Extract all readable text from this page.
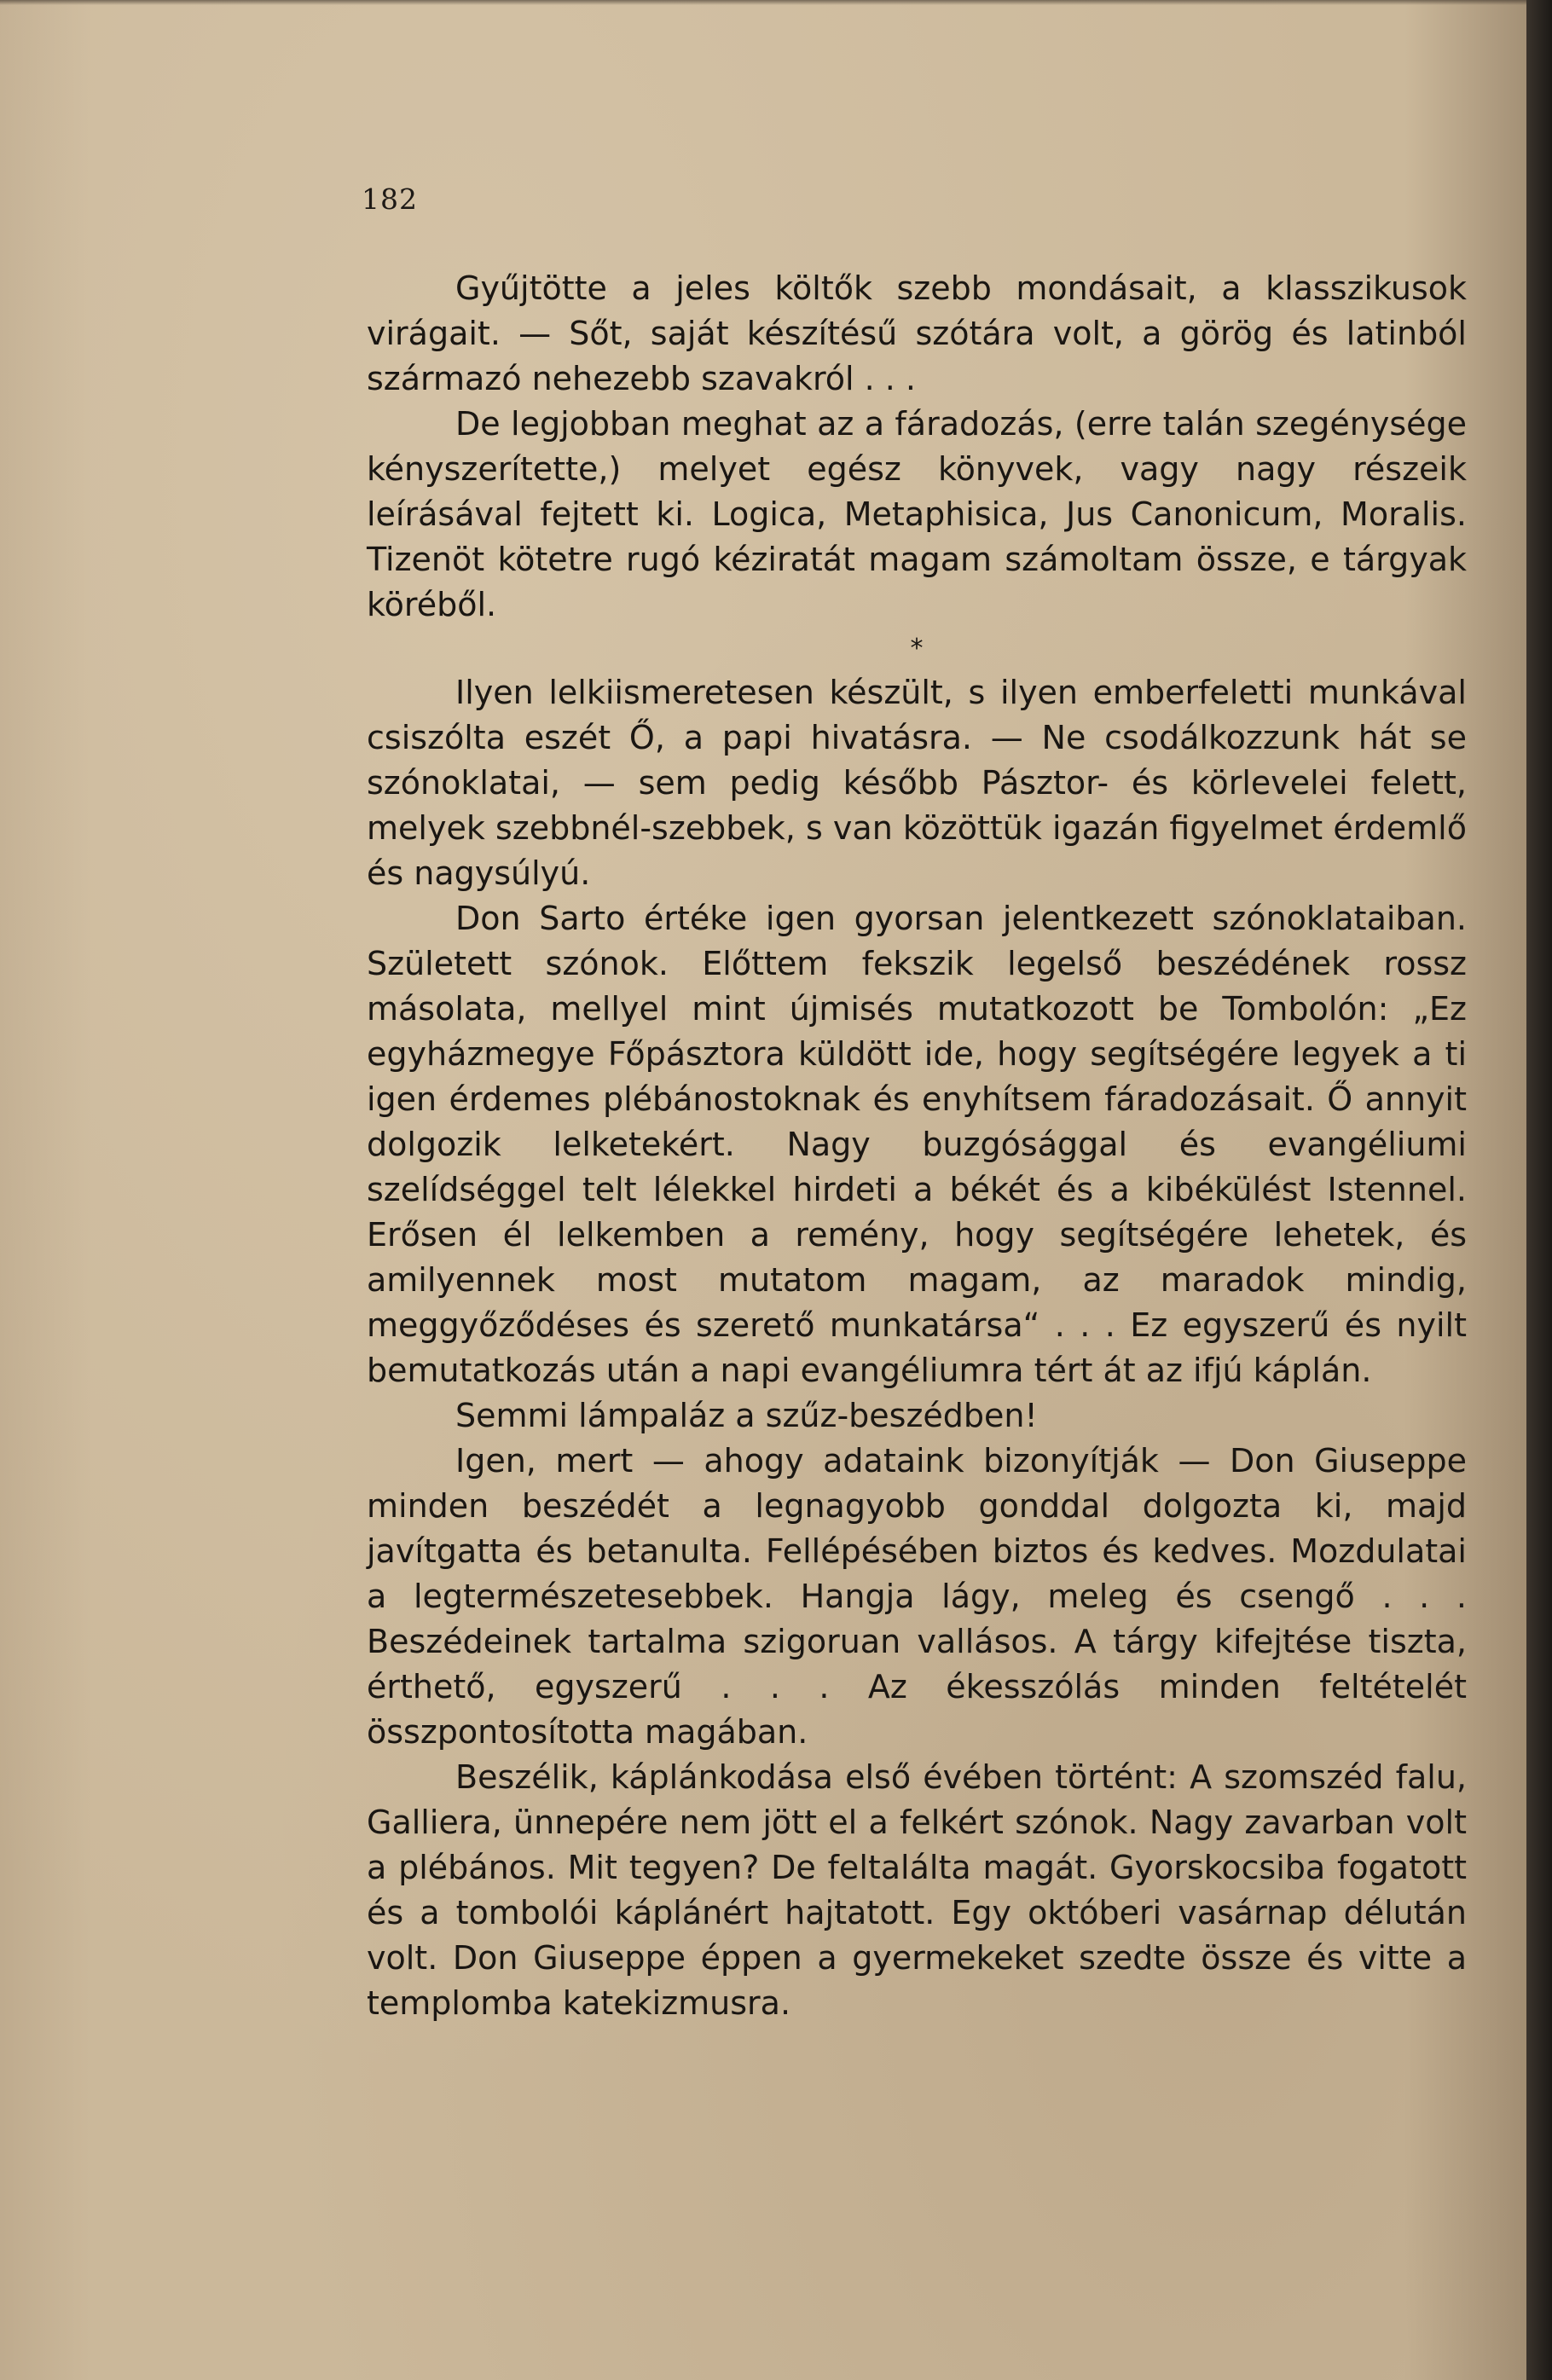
182

Gyűjtötte a jeles költők szebb mondásait, a klasszikusok virágait. — Sőt, saját készítésű szótára volt, a görög és latinból származó nehezebb szavakról . . .

De legjobban meghat az a fáradozás, (erre talán szegénysége kényszerítette,) melyet egész könyvek, vagy nagy részeik leírásával fejtett ki. Logica, Metaphisica, Jus Canonicum, Moralis. Tizenöt kötetre rugó kéziratát magam számoltam össze, e tárgyak köréből.

*

Ilyen lelkiismeretesen készült, s ilyen emberfeletti munkával csiszólta eszét Ő, a papi hivatásra. — Ne csodálkozzunk hát se szónoklatai, — sem pedig később Pásztor- és körlevelei felett, melyek szebbnél-szebbek, s van közöttük igazán figyelmet érdemlő és nagysúlyú.

Don Sarto értéke igen gyorsan jelentkezett szónoklataiban. Született szónok. Előttem fekszik legelső beszédének rossz másolata, mellyel mint újmisés mutatkozott be Tombolón: „Ez egyházmegye Főpásztora küldött ide, hogy segítségére legyek a ti igen érdemes plébánostoknak és enyhítsem fáradozásait. Ő annyit dolgozik lelketekért. Nagy buzgósággal és evangéliumi szelídséggel telt lélekkel hirdeti a békét és a kibékülést Istennel. Erősen él lelkemben a remény, hogy segítségére lehetek, és amilyennek most mutatom magam, az maradok mindig, meggyőződéses és szerető munkatársa“ . . . Ez egyszerű és nyilt bemutatkozás után a napi evangéliumra tért át az ifjú káplán.

Semmi lámpaláz a szűz-beszédben!

Igen, mert — ahogy adataink bizonyítják — Don Giuseppe minden beszédét a legnagyobb gonddal dolgozta ki, majd javítgatta és betanulta. Fellépésében biztos és kedves. Mozdulatai a legtermészetesebbek. Hangja lágy, meleg és csengő . . . Beszédeinek tartalma szigoruan vallásos. A tárgy kifejtése tiszta, érthető, egyszerű . . . Az ékesszólás minden feltételét összpontosította magában.

Beszélik, káplánkodása első évében történt: A szomszéd falu, Galliera, ünnepére nem jött el a felkért szónok. Nagy zavarban volt a plébános. Mit tegyen? De feltalálta magát. Gyorskocsiba fogatott és a tombolói káplánért hajtatott. Egy októberi vasárnap délután volt. Don Giuseppe éppen a gyermekeket szedte össze és vitte a templomba katekizmusra.
